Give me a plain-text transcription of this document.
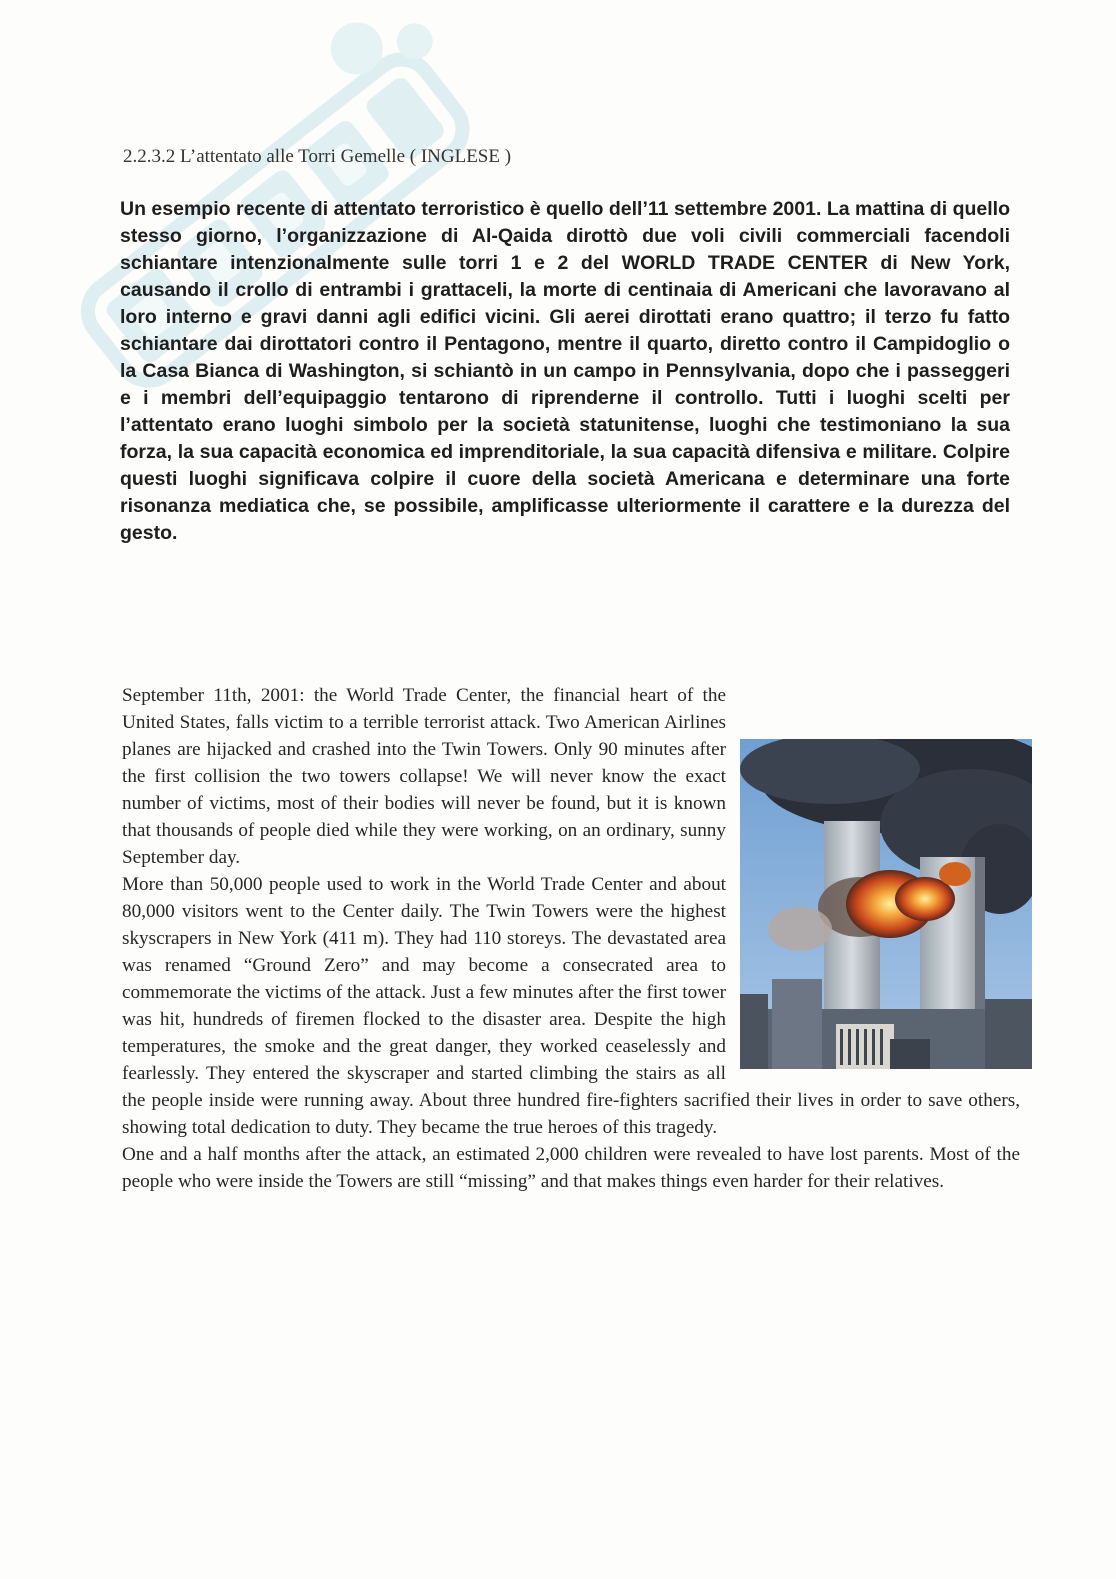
2.2.3.2 L’attentato alle Torri Gemelle ( INGLESE )
Un esempio recente di attentato terroristico è quello dell’11 settembre 2001. La mattina di quello stesso giorno, l’organizzazione di Al-Qaida dirottò due voli civili commerciali facendoli schiantare intenzionalmente sulle torri 1 e 2 del WORLD TRADE CENTER di New York, causando il crollo di entrambi i grattaceli, la morte di centinaia di Americani che lavoravano al loro interno e gravi danni agli edifici vicini. Gli aerei dirottati erano quattro; il terzo fu fatto schiantare dai dirottatori contro il Pentagono, mentre il quarto, diretto contro il Campidoglio o la Casa Bianca di Washington, si schiantò in un campo in Pennsylvania, dopo che i passeggeri e i membri dell’equipaggio tentarono di riprenderne il controllo. Tutti i luoghi scelti per l’attentato erano luoghi simbolo per la società statunitense, luoghi che testimoniano la sua forza, la sua capacità economica ed imprenditoriale, la sua capacità difensiva e militare. Colpire questi luoghi significava colpire il cuore della società Americana e determinare una forte risonanza mediatica che, se possibile, amplificasse ulteriormente il carattere e la durezza del gesto.

September 11th, 2001: the World Trade Center, the financial heart of the United States, falls victim to a terrible terrorist attack. Two American Airlines planes are hijacked and crashed into the Twin Towers. Only 90 minutes after the first collision the two towers collapse! We will never know the exact number of victims, most of their bodies will never be found, but it is known that thousands of people died while they were working, on an ordinary, sunny September day.

More than 50,000 people used to work in the World Trade Center and about 80,000 visitors went to the Center daily. The Twin Towers were the highest skyscrapers in New York (411 m). They had 110 storeys. The devastated area was renamed “Ground Zero” and may become a consecrated area to commemorate the victims of the attack. Just a few minutes after the first tower was hit, hundreds of firemen flocked to the disaster area. Despite the high temperatures, the smoke and the great danger, they worked ceaselessly and fearlessly. They entered the skyscraper and started climbing the stairs as all the people inside were running away. About three hundred fire-fighters sacrified their lives in order to save others, showing total dedication to duty. They became the true heroes of this tragedy.

One and a half months after the attack, an estimated 2,000 children were revealed to have lost parents. Most of the people who were inside the Towers are still “missing” and that makes things even harder for their relatives.
